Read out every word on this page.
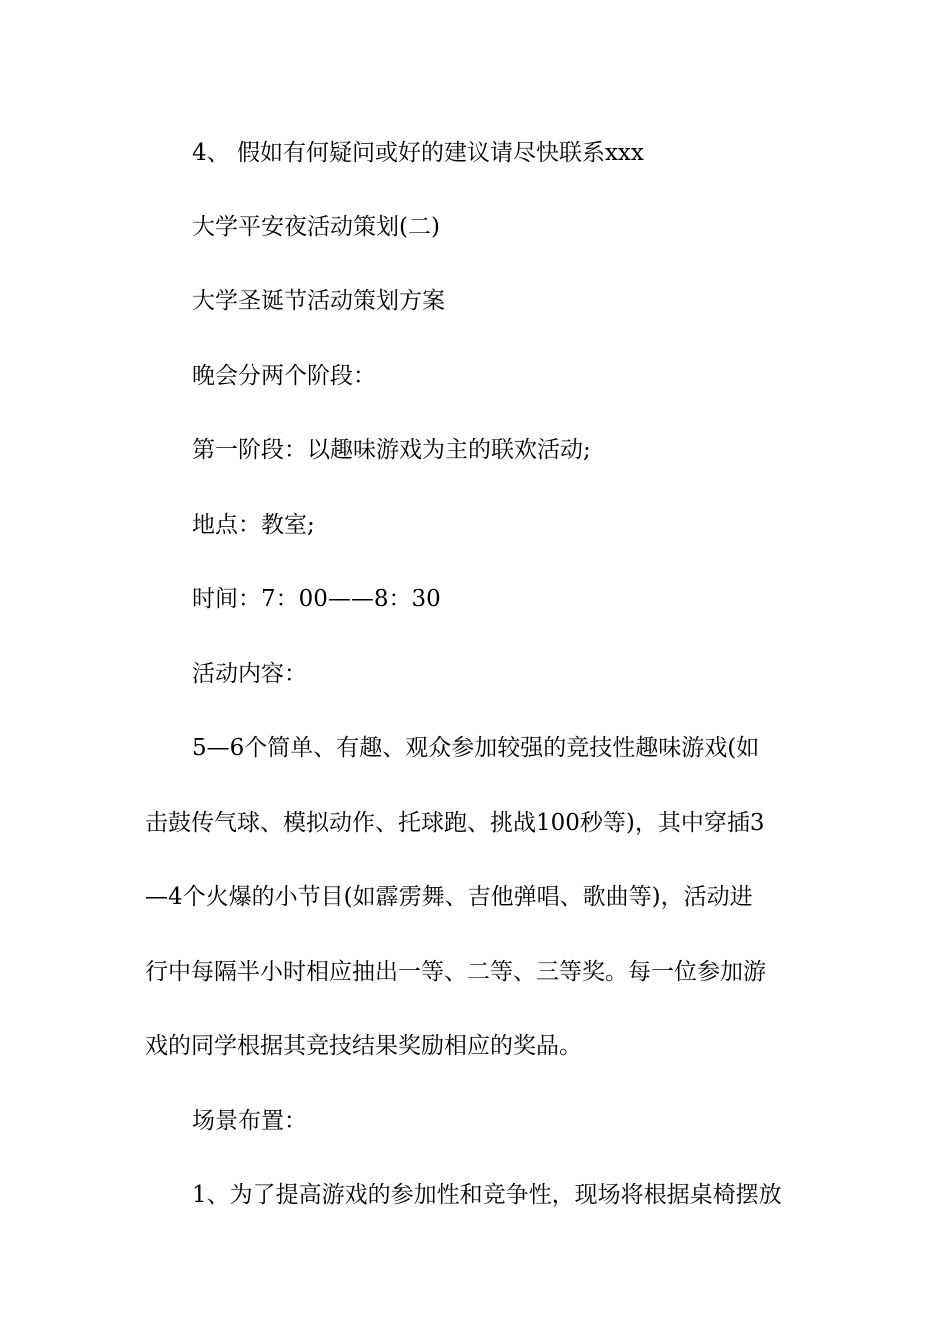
4、 假如有何疑问或好的建议请尽快联系xxx
大学平安夜活动策划(二)
大学圣诞节活动策划方案
晚会分两个阶段：
第一阶段：以趣味游戏为主的联欢活动;
地点：教室;
时间：7：00——8：30
活动内容：
5—6个简单、有趣、观众参加较强的竞技性趣味游戏(如
击鼓传气球、模拟动作、托球跑、挑战100秒等)，其中穿插3
—4个火爆的小节目(如霹雳舞、吉他弹唱、歌曲等)，活动进
行中每隔半小时相应抽出一等、二等、三等奖。每一位参加游
戏的同学根据其竞技结果奖励相应的奖品。
场景布置：
1、为了提高游戏的参加性和竞争性，现场将根据桌椅摆放
